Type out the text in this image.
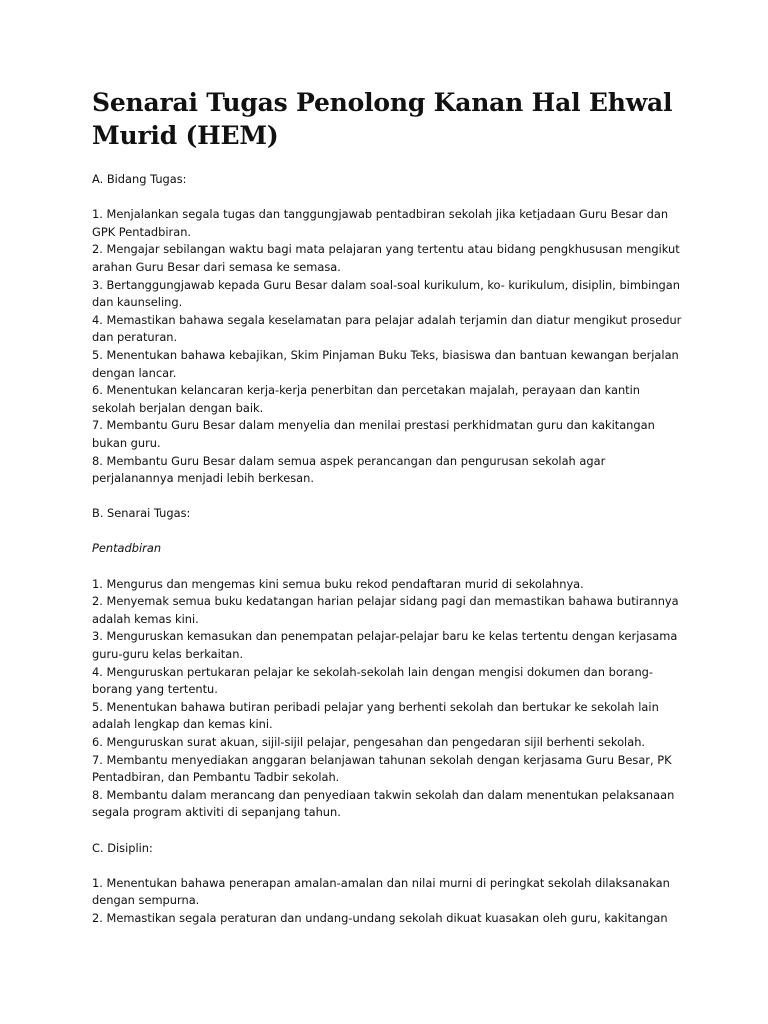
Senarai Tugas Penolong Kanan Hal Ehwal Murid (HEM)

A. Bidang Tugas:

1. Menjalankan segala tugas dan tanggungjawab pentadbiran sekolah jika keti̧adaan Guru Besar dan GPK Pentadbiran.

2. Mengajar sebilangan waktu bagi mata pelajaran yang tertentu atau bidang pengkhususan mengikut arahan Guru Besar dari semasa ke semasa.

3. Bertanggungjawab kepada Guru Besar dalam soal-soal kurikulum, ko- kurikulum, disiplin, bimbingan dan kaunseling.

4. Memasti̇kan bahawa segala keselamatan para pelajar adalah terjamin dan diatur mengikut prosedur dan peraturan.

5. Menentukan bahawa kebajikan, Skim Pinjaman Buku Teks, biasiswa dan bantuan kewangan berjalan dengan lancar.

6. Menentukan kelancaran kerja-kerja penerbitan dan percetakan majalah, perayaan dan kanti̇n sekolah berjalan dengan baik.

7. Membantu Guru Besar dalam menyelia dan menilai prestasi perkhidmatan guru dan kakitangan bukan guru.

8. Membantu Guru Besar dalam semua aspek perancangan dan pengurusan sekolah agar perjalanannya menjadi lebih berkesan.

B. Senarai Tugas:

Pentadbiran

1. Mengurus dan mengemas kini semua buku rekod pendaftaran murid di sekolahnya.

2. Menyemak semua buku kedatangan harian pelajar sidang pagi dan memasti̇kan bahawa buti̇rannya adalah kemas kini.

3. Menguruskan kemasukan dan penempatan pelajar-pelajar baru ke kelas tertentu dengan kerjasama guru-guru kelas berkaitan.

4. Menguruskan pertukaran pelajar ke sekolah-sekolah lain dengan mengisi dokumen dan borang-borang yang tertentu.

5. Menentukan bahawa buti̇ran peribadi pelajar yang berhenti̇ sekolah dan bertukar ke sekolah lain adalah lengkap dan kemas kini.

6. Menguruskan surat akuan, sijil-sijil pelajar, pengesahan dan pengedaran sijil berhenti̇ sekolah.

7. Membantu menyediakan anggaran belanjawan tahunan sekolah dengan kerjasama Guru Besar, PK Pentadbiran, dan Pembantu Tadbir sekolah.

8. Membantu dalam merancang dan penyediaan takwin sekolah dan dalam menentukan pelaksanaan segala program akti̇viti̇ di sepanjang tahun.

C. Disiplin:

1. Menentukan bahawa penerapan amalan-amalan dan nilai murni di peringkat sekolah dilaksanakan dengan sempurna.

2. Memasti̇kan segala peraturan dan undang-undang sekolah dikuat kuasakan oleh guru, kakitangan
